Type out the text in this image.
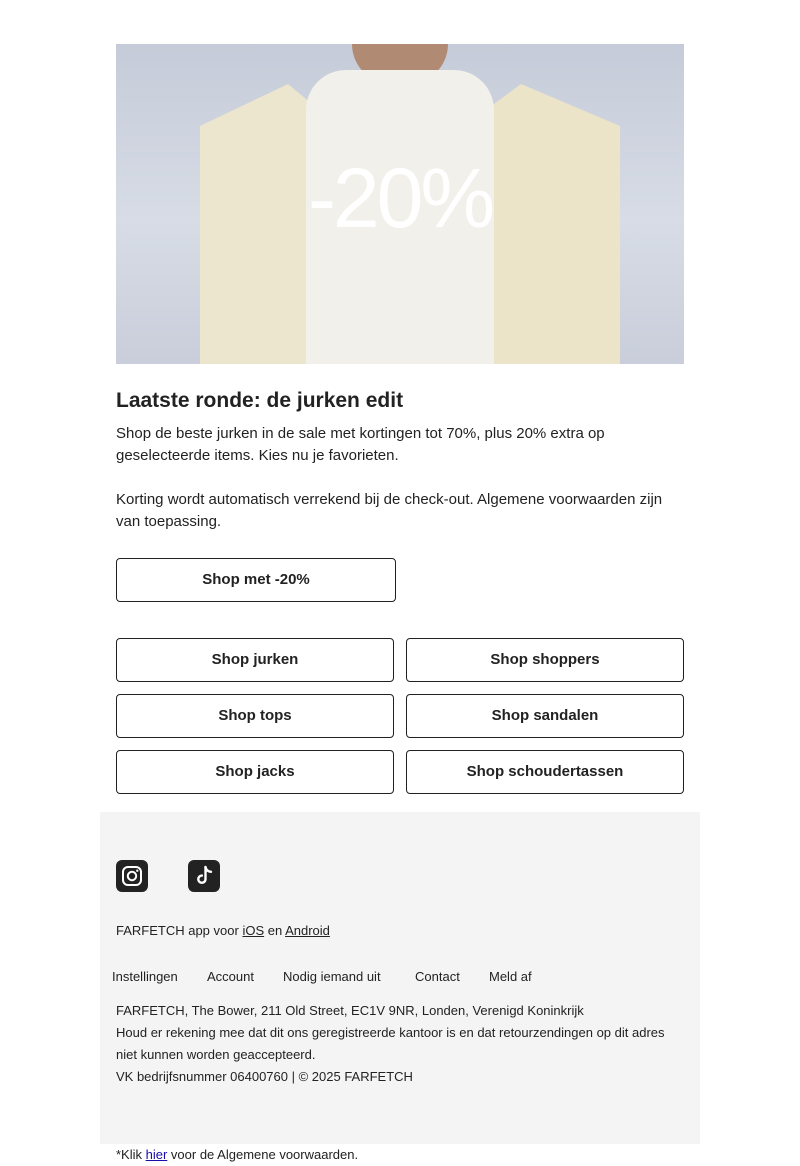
-20%
Laatste ronde: de jurken edit

Shop de beste jurken in de sale met kortingen tot 70%, plus 20% extra op geselecteerde items. Kies nu je favorieten.

Korting wordt automatisch verrekend bij de check-out. Algemene voorwaarden zijn van toepassing.

Shop met -20%
Shop jurken	Shop shoppers
Shop tops	Shop sandalen
Shop jacks	Shop schoudertassen
FARFETCH app voor iOS en Android
Instellingen Account Nodig iemand uit	Contact Meld af
FARFETCH, The Bower, 211 Old Street, EC1V 9NR, Londen, Verenigd Koninkrijk
Houd er rekening mee dat dit ons geregistreerde kantoor is en dat retourzendingen op dit adres niet kunnen worden geaccepteerd.
VK bedrijfsnummer 06400760 | © 2025 FARFETCH
*Klik hier voor de Algemene voorwaarden.
